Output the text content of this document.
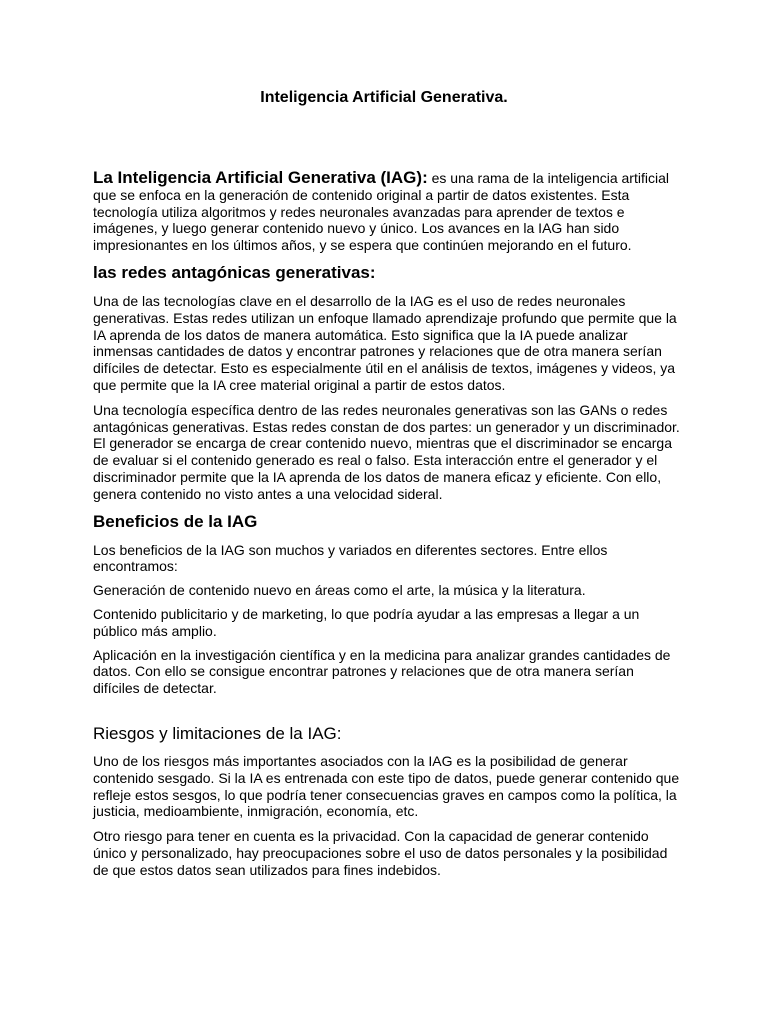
Inteligencia Artificial Generativa.

La Inteligencia Artificial Generativa (IAG): es una rama de la inteligencia artificial que se enfoca en la generación de contenido original a partir de datos existentes. Esta tecnología utiliza algoritmos y redes neuronales avanzadas para aprender de textos e imágenes, y luego generar contenido nuevo y único. Los avances en la IAG han sido impresionantes en los últimos años, y se espera que continúen mejorando en el futuro.

las redes antagónicas generativas:

Una de las tecnologías clave en el desarrollo de la IAG es el uso de redes neuronales generativas. Estas redes utilizan un enfoque llamado aprendizaje profundo que permite que la IA aprenda de los datos de manera automática. Esto significa que la IA puede analizar inmensas cantidades de datos y encontrar patrones y relaciones que de otra manera serían difíciles de detectar. Esto es especialmente útil en el análisis de textos, imágenes y videos, ya que permite que la IA cree material original a partir de estos datos.

Una tecnología específica dentro de las redes neuronales generativas son las GANs o redes antagónicas generativas. Estas redes constan de dos partes: un generador y un discriminador. El generador se encarga de crear contenido nuevo, mientras que el discriminador se encarga de evaluar si el contenido generado es real o falso. Esta interacción entre el generador y el discriminador permite que la IA aprenda de los datos de manera eficaz y eficiente. Con ello, genera contenido no visto antes a una velocidad sideral.

Beneficios de la IAG

Los beneficios de la IAG son muchos y variados en diferentes sectores. Entre ellos encontramos:

Generación de contenido nuevo en áreas como el arte, la música y la literatura.

Contenido publicitario y de marketing, lo que podría ayudar a las empresas a llegar a un público más amplio.

Aplicación en la investigación científica y en la medicina para analizar grandes cantidades de datos. Con ello se consigue encontrar patrones y relaciones que de otra manera serían difíciles de detectar.

Riesgos y limitaciones de la IAG:

Uno de los riesgos más importantes asociados con la IAG es la posibilidad de generar contenido sesgado. Si la IA es entrenada con este tipo de datos, puede generar contenido que refleje estos sesgos, lo que podría tener consecuencias graves en campos como la política, la justicia, medioambiente, inmigración, economía, etc.

Otro riesgo para tener en cuenta es la privacidad. Con la capacidad de generar contenido único y personalizado, hay preocupaciones sobre el uso de datos personales y la posibilidad de que estos datos sean utilizados para fines indebidos.
